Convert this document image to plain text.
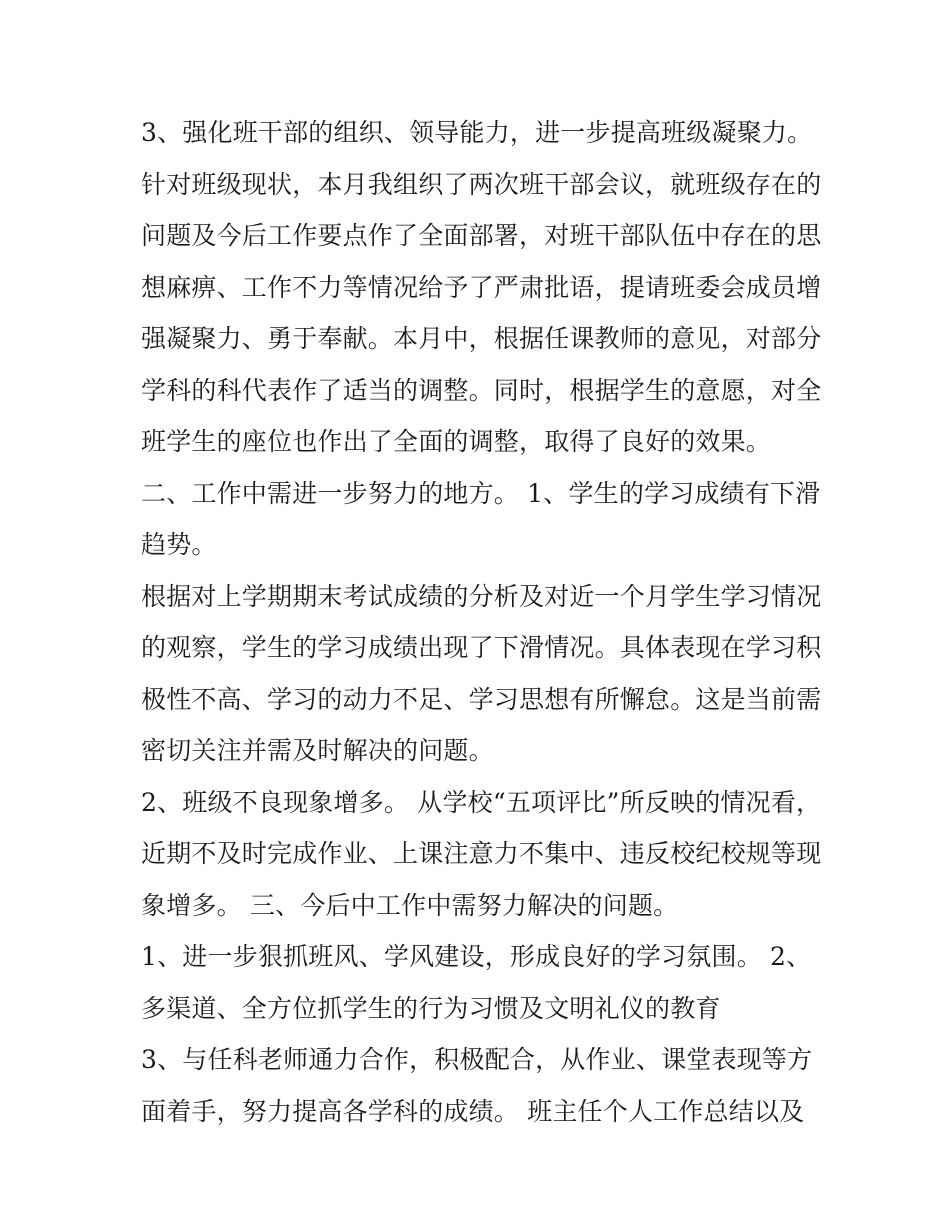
3、强化班干部的组织、领导能力，进一步提高班级凝聚力。
针对班级现状，本月我组织了两次班干部会议，就班级存在的
问题及今后工作要点作了全面部署，对班干部队伍中存在的思
想麻痹、工作不力等情况给予了严肃批语，提请班委会成员增
强凝聚力、勇于奉献。本月中，根据任课教师的意见，对部分
学科的科代表作了适当的调整。同时，根据学生的意愿，对全
班学生的座位也作出了全面的调整，取得了良好的效果。
二、工作中需进一步努力的地方。 1、学生的学习成绩有下滑
趋势。
根据对上学期期末考试成绩的分析及对近一个月学生学习情况
的观察，学生的学习成绩出现了下滑情况。具体表现在学习积
极性不高、学习的动力不足、学习思想有所懈怠。这是当前需
密切关注并需及时解决的问题。
2、班级不良现象增多。 从学校“五项评比”所反映的情况看，
近期不及时完成作业、上课注意力不集中、违反校纪校规等现
象增多。 三、今后中工作中需努力解决的问题。
1、进一步狠抓班风、学风建设，形成良好的学习氛围。 2、
多渠道、全方位抓学生的行为习惯及文明礼仪的教育
3、与任科老师通力合作，积极配合，从作业、课堂表现等方
面着手，努力提高各学科的成绩。 班主任个人工作总结以及
